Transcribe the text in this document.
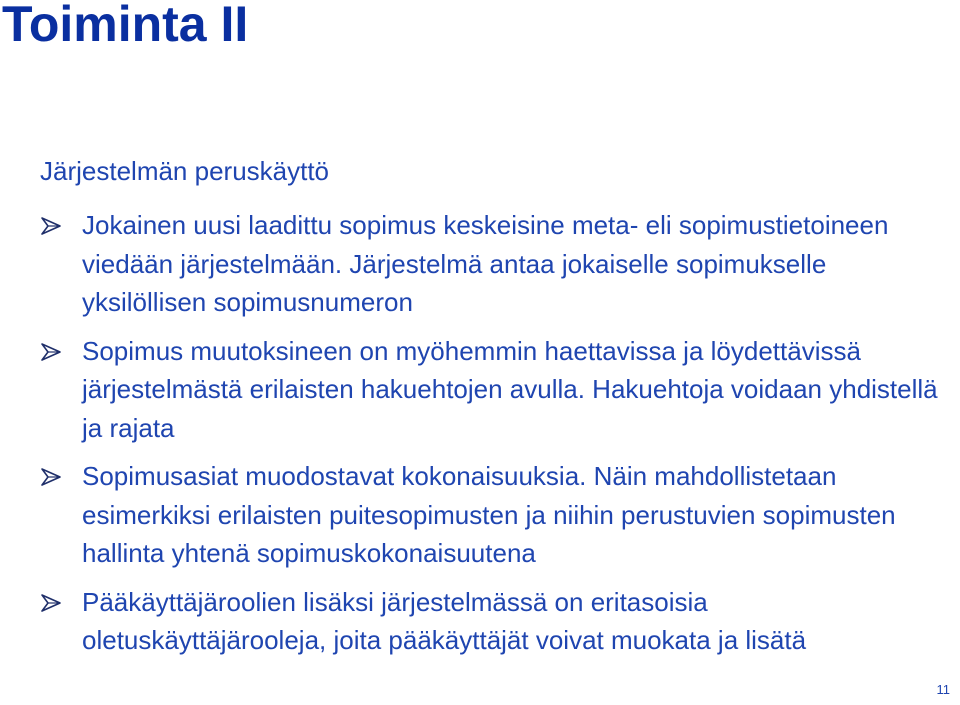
Toiminta II
Järjestelmän peruskäyttö
Jokainen uusi laadittu sopimus keskeisine meta- eli sopimustietoineen viedään järjestelmään. Järjestelmä antaa jokaiselle sopimukselle yksilöllisen sopimusnumeron
Sopimus muutoksineen on myöhemmin haettavissa ja löydettävissä järjestelmästä erilaisten hakuehtojen avulla. Hakuehtoja voidaan yhdistellä ja rajata
Sopimusasiat muodostavat kokonaisuuksia. Näin mahdollistetaan esimerkiksi erilaisten puitesopimusten ja niihin perustuvien sopimusten hallinta yhtenä sopimuskokonaisuutena
Pääkäyttäjäroolien lisäksi järjestelmässä on eritasoisia oletuskäyttäjärooleja, joita pääkäyttäjät voivat muokata ja lisätä
11
